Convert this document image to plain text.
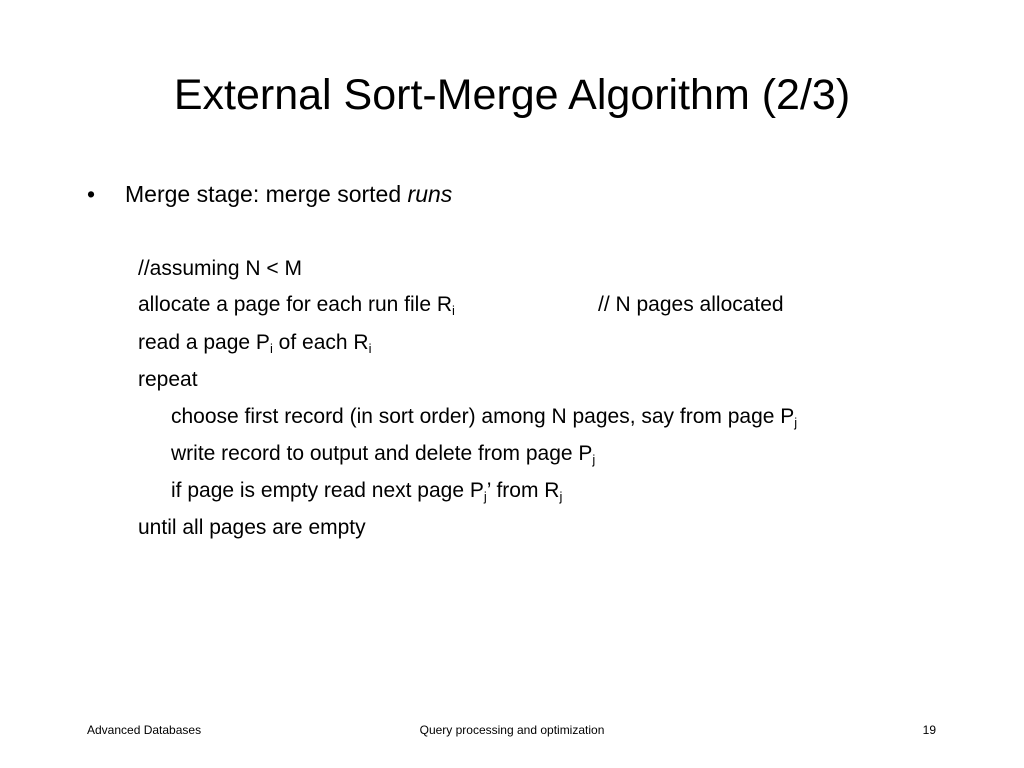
External Sort-Merge Algorithm (2/3)
• Merge stage: merge sorted runs
//assuming N < M
allocate a page for each run file $R_i$	// N pages allocated
read a page $P_i$ of each $R_i$
repeat
choose first record (in sort order) among N pages, say from page $P_j$
write record to output and delete from page $P_j$
if page is empty read next page $P_j$’ from $R_j$
until all pages are empty
Advanced Databases	Query processing and optimization	19
